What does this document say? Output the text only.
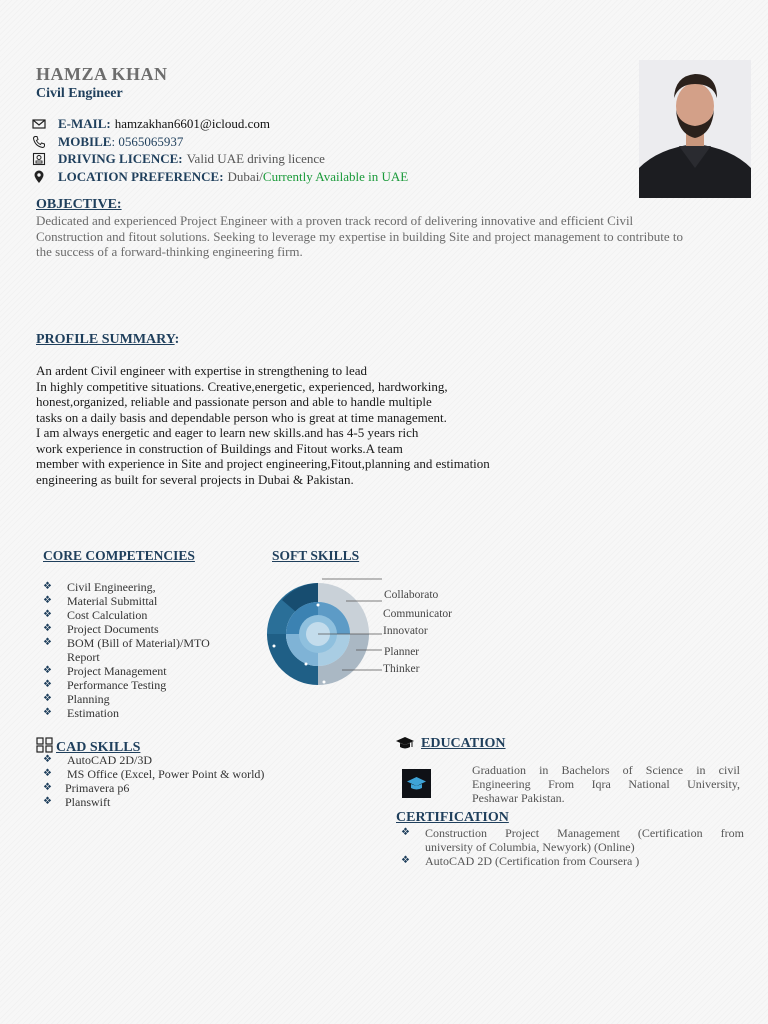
HAMZA KHAN
Civil Engineer
E-MAIL: hamzakhan6601@icloud.com
MOBILE : 0565065937
DRIVING LICENCE: Valid UAE driving licence
LOCATION PREFERENCE: Dubai/ Currently Available in UAE
OBJECTIVE:
Dedicated and experienced Project Engineer with a proven track record of delivering innovative and efficient Civil
Construction and fitout solutions. Seeking to leverage my expertise in building Site and project management to contribute to
the success of a forward-thinking engineering firm.
PROFILE SUMMARY:
An ardent Civil engineer with expertise in strengthening to lead
In highly competitive situations. Creative,energetic, experienced, hardworking,
honest,organized, reliable and passionate person and able to handle multiple
tasks on a daily basis and dependable person who is great at time management.
I am always energetic and eager to learn new skills.and has 4-5 years rich
work experience in construction of Buildings and Fitout works.A team
member with experience in Site and project engineering,Fitout,planning and estimation
engineering as built for several projects in Dubai & Pakistan.
CORE COMPETENCIES
❖ Civil Engineering,
❖ Material Submittal
❖ Cost Calculation
❖ Project Documents
❖ BOM (Bill of Material)/MTO Report
❖ Project Management
❖ Performance Testing
❖ Planning
❖ Estimation
SOFT SKILLS
Collaborato
Communicator
Innovator
Planner
Thinker
CAD SKILLS
❖ AutoCAD 2D/3D
❖ MS Office (Excel, Power Point & world)
❖ Primavera p6
❖ Planswift
EDUCATION
Graduation in Bachelors of Science in civil
Engineering From Iqra National University,
Peshawar Pakistan.
CERTIFICATION
❖ Construction Project Management (Certification from
university of Columbia, Newyork) (Online)
❖ AutoCAD 2D (Certification from Coursera )
